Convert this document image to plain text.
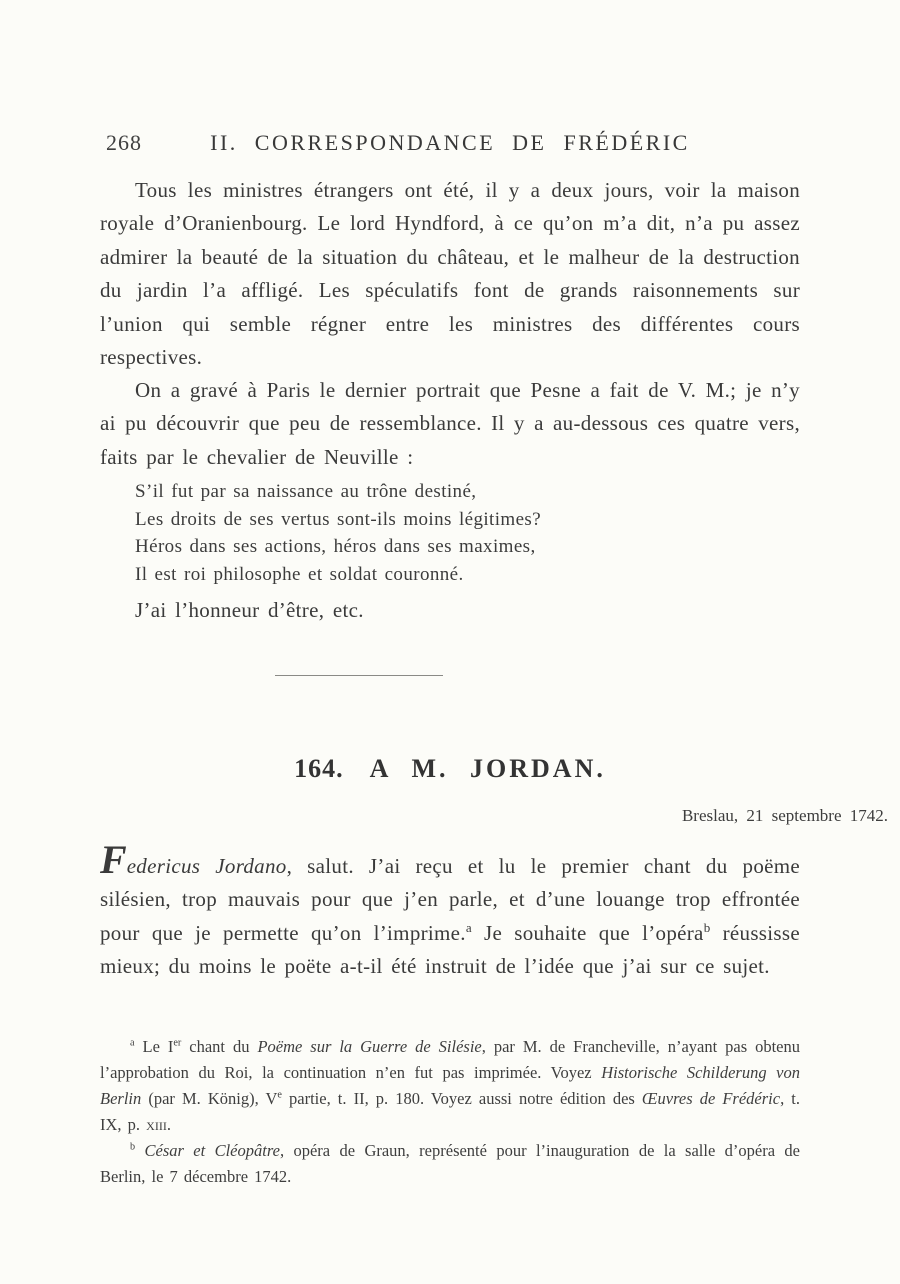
268	II. CORRESPONDANCE DE FRÉDÉRIC

Tous les ministres étrangers ont été, il y a deux jours, voir la maison royale d’Oranienbourg. Le lord Hyndford, à ce qu’on m’a dit, n’a pu assez admirer la beauté de la situation du château, et le malheur de la destruction du jardin l’a affligé. Les spéculatifs font de grands raisonnements sur l’union qui semble régner entre les ministres des différentes cours respectives.

On a gravé à Paris le dernier portrait que Pesne a fait de V. M.; je n’y ai pu découvrir que peu de ressemblance. Il y a au-dessous ces quatre vers, faits par le chevalier de Neuville :

S’il fut par sa naissance au trône destiné,
Les droits de ses vertus sont-ils moins légitimes?
Héros dans ses actions, héros dans ses maximes,
Il est roi philosophe et soldat couronné.

J’ai l’honneur d’être, etc.

164. A M. JORDAN.
Breslau, 21 septembre 1742.

Federicus Jordano, salut. J’ai reçu et lu le premier chant du poëme silésien, trop mauvais pour que j’en parle, et d’une louange trop effrontée pour que je permette qu’on l’imprime.$^a$ Je souhaite que l’opéra$^b$ réussisse mieux; du moins le poëte a-t-il été instruit de l’idée que j’ai sur ce sujet.

$^a$ Le Ier chant du Poëme sur la Guerre de Silésie, par M. de Francheville, n’ayant pas obtenu l’approbation du Roi, la continuation n’en fut pas imprimée. Voyez Historische Schilderung von Berlin (par M. König), Ve partie, t. II, p. 180. Voyez aussi notre édition des Œuvres de Frédéric, t. IX, p. xiii.

$^b$ César et Cléopâtre, opéra de Graun, représenté pour l’inauguration de la salle d’opéra de Berlin, le 7 décembre 1742.
